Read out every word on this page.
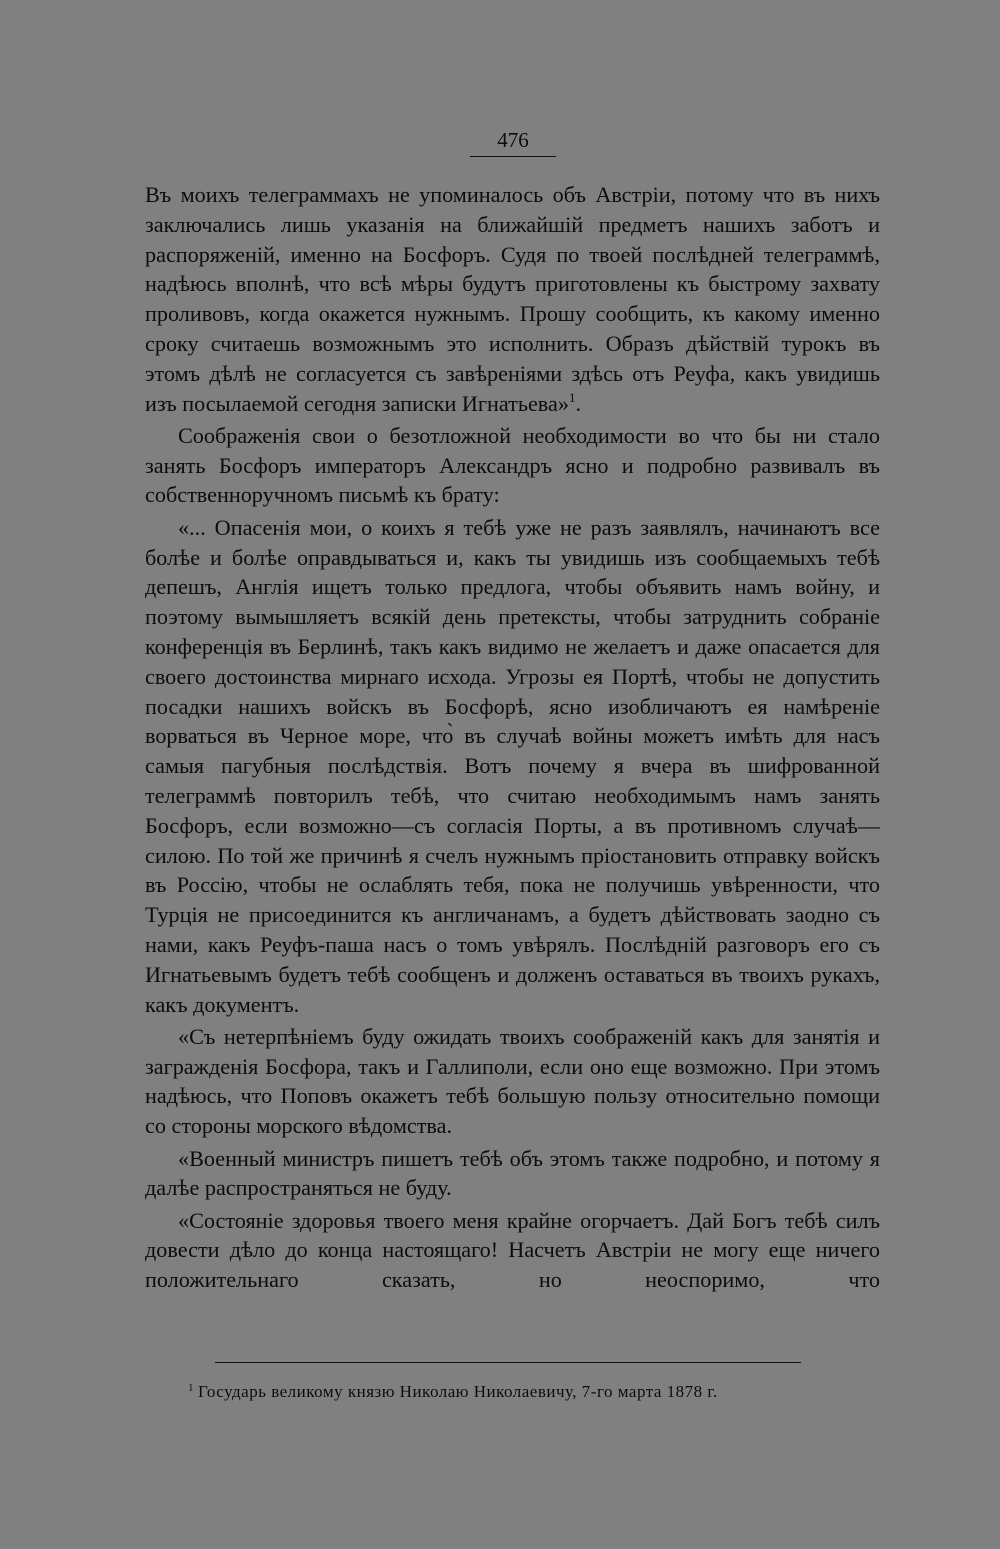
476

Въ моихъ телеграммахъ не упоминалось объ Австріи, потому что въ нихъ заключались лишь указанія на ближайшій предметъ нашихъ заботъ и распоряженій, именно на Босфоръ. Судя по твоей послѣдней телеграммѣ, надѣюсь вполнѣ, что всѣ мѣры будутъ приготовлены къ быстрому захвату проливовъ, когда окажется нужнымъ. Прошу сообщить, къ какому именно сроку считаешь возможнымъ это исполнить. Образъ дѣйствій турокъ въ этомъ дѣлѣ не согласуется съ завѣреніями здѣсь отъ Реуфа, какъ увидишь изъ посылаемой сегодня записки Игнатьева»$^1$.

Соображенія свои о безотложной необходимости во что бы ни стало занять Босфоръ императоръ Александръ ясно и подробно развивалъ въ собственноручномъ письмѣ къ брату:

«... Опасенія мои, о коихъ я тебѣ уже не разъ заявлялъ, начинаютъ все болѣе и болѣе оправдываться и, какъ ты увидишь изъ сообщаемыхъ тебѣ депешъ, Англія ищетъ только предлога, чтобы объявить намъ войну, и поэтому вымышляетъ всякій день претексты, чтобы затруднить собраніе конференція въ Берлинѣ, такъ какъ видимо не желаетъ и даже опасается для своего достоинства мирнаго исхода. Угрозы ея Портѣ, чтобы не допустить посадки нашихъ войскъ въ Босфорѣ, ясно изобличаютъ ея намѣреніе ворваться въ Черное море, что̀ въ случаѣ войны можетъ имѣть для насъ самыя пагубныя послѣдствія. Вотъ почему я вчера въ шифрованной телеграммѣ повторилъ тебѣ, что считаю необходимымъ намъ занять Босфоръ, если возможно—съ согласія Порты, а въ противномъ случаѣ—силою. По той же причинѣ я счелъ нужнымъ пріостановить отправку войскъ въ Россію, чтобы не ослаблять тебя, пока не получишь увѣренности, что Турція не присоединится къ англичанамъ, а будетъ дѣйствовать заодно съ нами, какъ Реуфъ-паша насъ о томъ увѣрялъ. Послѣдній разговоръ его съ Игнатьевымъ будетъ тебѣ сообщенъ и долженъ оставаться въ твоихъ рукахъ, какъ документъ.

«Съ нетерпѣніемъ буду ожидать твоихъ соображеній какъ для занятія и загражденія Босфора, такъ и Галлиполи, если оно еще возможно. При этомъ надѣюсь, что Поповъ окажетъ тебѣ большую пользу относительно помощи со стороны морского вѣдомства.

«Военный министръ пишетъ тебѣ объ этомъ также подробно, и потому я далѣе распространяться не буду.

«Состояніе здоровья твоего меня крайне огорчаетъ. Дай Богъ тебѣ силъ довести дѣло до конца настоящаго! Насчетъ Австріи не могу еще ничего положительнаго сказать, но неоспоримо, что

$^1$ Государь великому князю Николаю Николаевичу, 7-го марта 1878 г.
